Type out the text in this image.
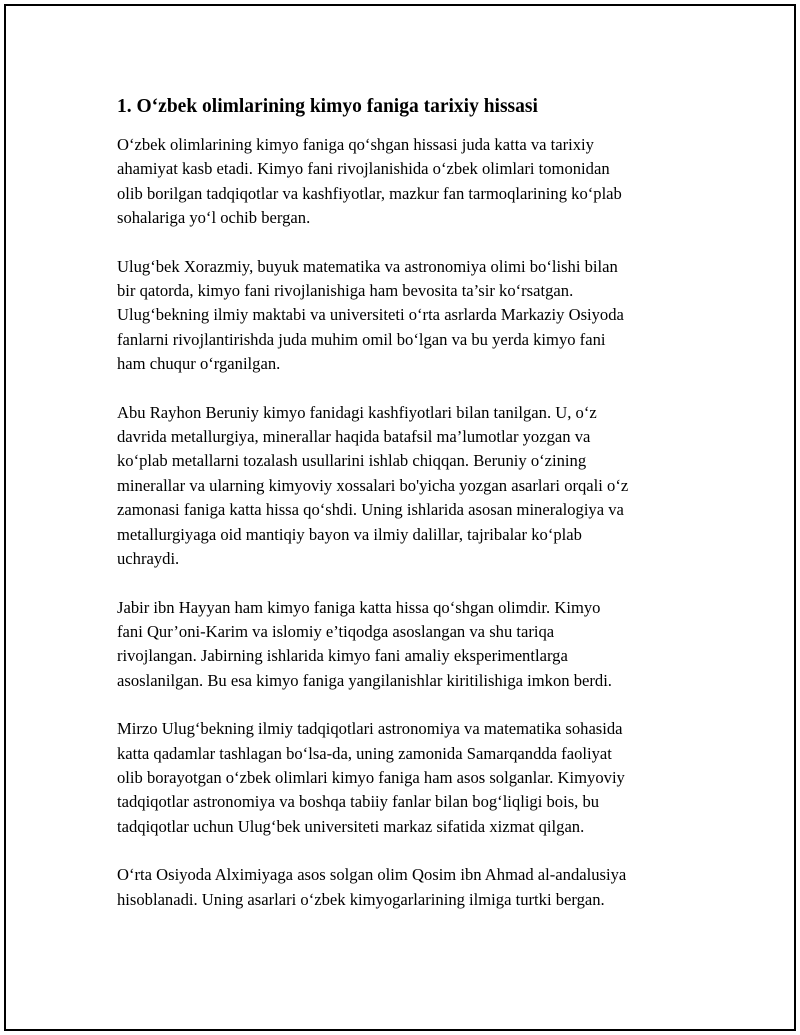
1. O‘zbek olimlarining kimyo faniga tarixiy hissasi

O‘zbek olimlarining kimyo faniga qo‘shgan hissasi juda katta va tarixiy
ahamiyat kasb etadi. Kimyo fani rivojlanishida o‘zbek olimlari tomonidan
olib borilgan tadqiqotlar va kashfiyotlar, mazkur fan tarmoqlarining ko‘plab
sohalariga yo‘l ochib bergan.

Ulug‘bek Xorazmiy, buyuk matematika va astronomiya olimi bo‘lishi bilan
bir qatorda, kimyo fani rivojlanishiga ham bevosita ta’sir ko‘rsatgan.
Ulug‘bekning ilmiy maktabi va universiteti o‘rta asrlarda Markaziy Osiyoda
fanlarni rivojlantirishda juda muhim omil bo‘lgan va bu yerda kimyo fani
ham chuqur o‘rganilgan.

Abu Rayhon Beruniy kimyo fanidagi kashfiyotlari bilan tanilgan. U, o‘z
davrida metallurgiya, minerallar haqida batafsil ma’lumotlar yozgan va
ko‘plab metallarni tozalash usullarini ishlab chiqqan. Beruniy o‘zining
minerallar va ularning kimyoviy xossalari bo'yicha yozgan asarlari orqali o‘z
zamonasi faniga katta hissa qo‘shdi. Uning ishlarida asosan mineralogiya va
metallurgiyaga oid mantiqiy bayon va ilmiy dalillar, tajribalar ko‘plab
uchraydi.

Jabir ibn Hayyan ham kimyo faniga katta hissa qo‘shgan olimdir. Kimyo
fani Qur’oni-Karim va islomiy e’tiqodga asoslangan va shu tariqa
rivojlangan. Jabirning ishlarida kimyo fani amaliy eksperimentlarga
asoslanilgan. Bu esa kimyo faniga yangilanishlar kiritilishiga imkon berdi.

Mirzo Ulug‘bekning ilmiy tadqiqotlari astronomiya va matematika sohasida
katta qadamlar tashlagan bo‘lsa-da, uning zamonida Samarqandda faoliyat
olib borayotgan o‘zbek olimlari kimyo faniga ham asos solganlar. Kimyoviy
tadqiqotlar astronomiya va boshqa tabiiy fanlar bilan bog‘liqligi bois, bu
tadqiqotlar uchun Ulug‘bek universiteti markaz sifatida xizmat qilgan.

O‘rta Osiyoda Alximiyaga asos solgan olim Qosim ibn Ahmad al-andalusiya
hisoblanadi. Uning asarlari o‘zbek kimyogarlarining ilmiga turtki bergan.
